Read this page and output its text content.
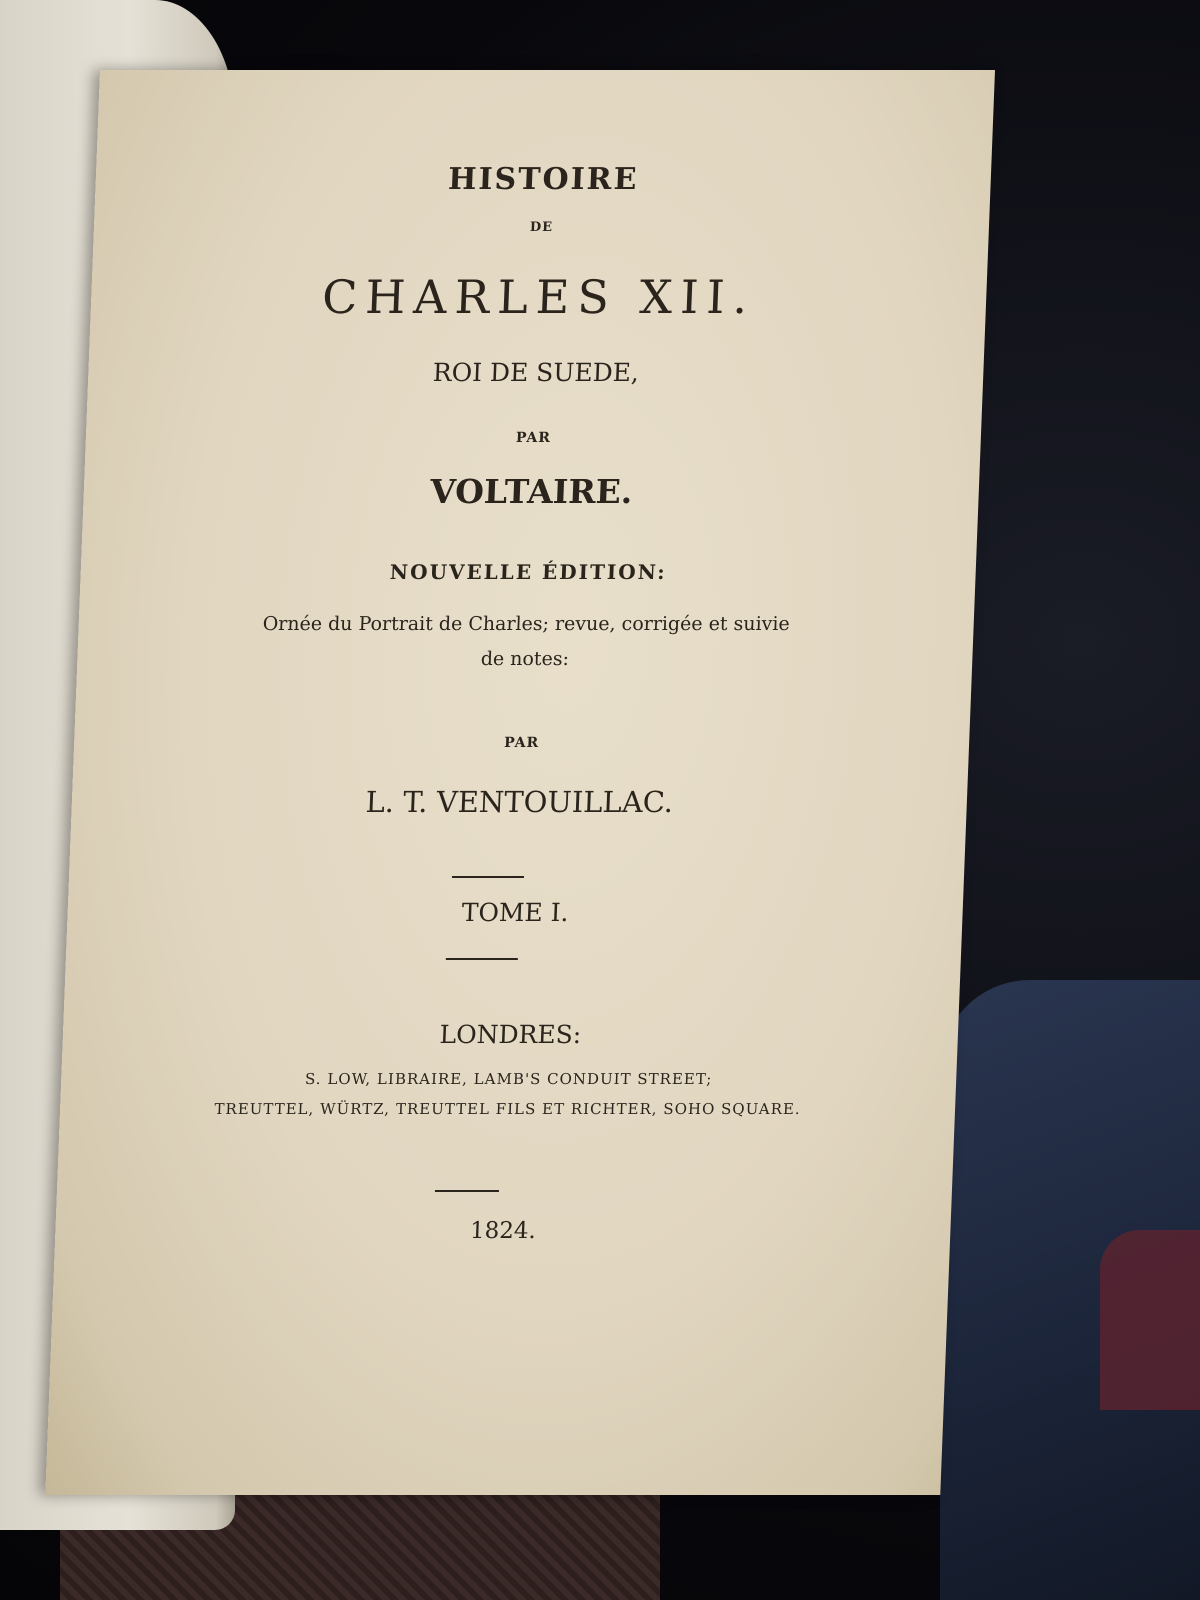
HISTOIRE
DE
CHARLES XII.
ROI DE SUEDE,
PAR
VOLTAIRE.
NOUVELLE ÉDITION:
Ornée du Portrait de Charles; revue, corrigée et suivie
de notes:
PAR
L. T. VENTOUILLAC.
TOME I.
LONDRES:
S. LOW, LIBRAIRE, LAMB'S CONDUIT STREET;
TREUTTEL, WÜRTZ, TREUTTEL FILS ET RICHTER, SOHO SQUARE.
1824.
